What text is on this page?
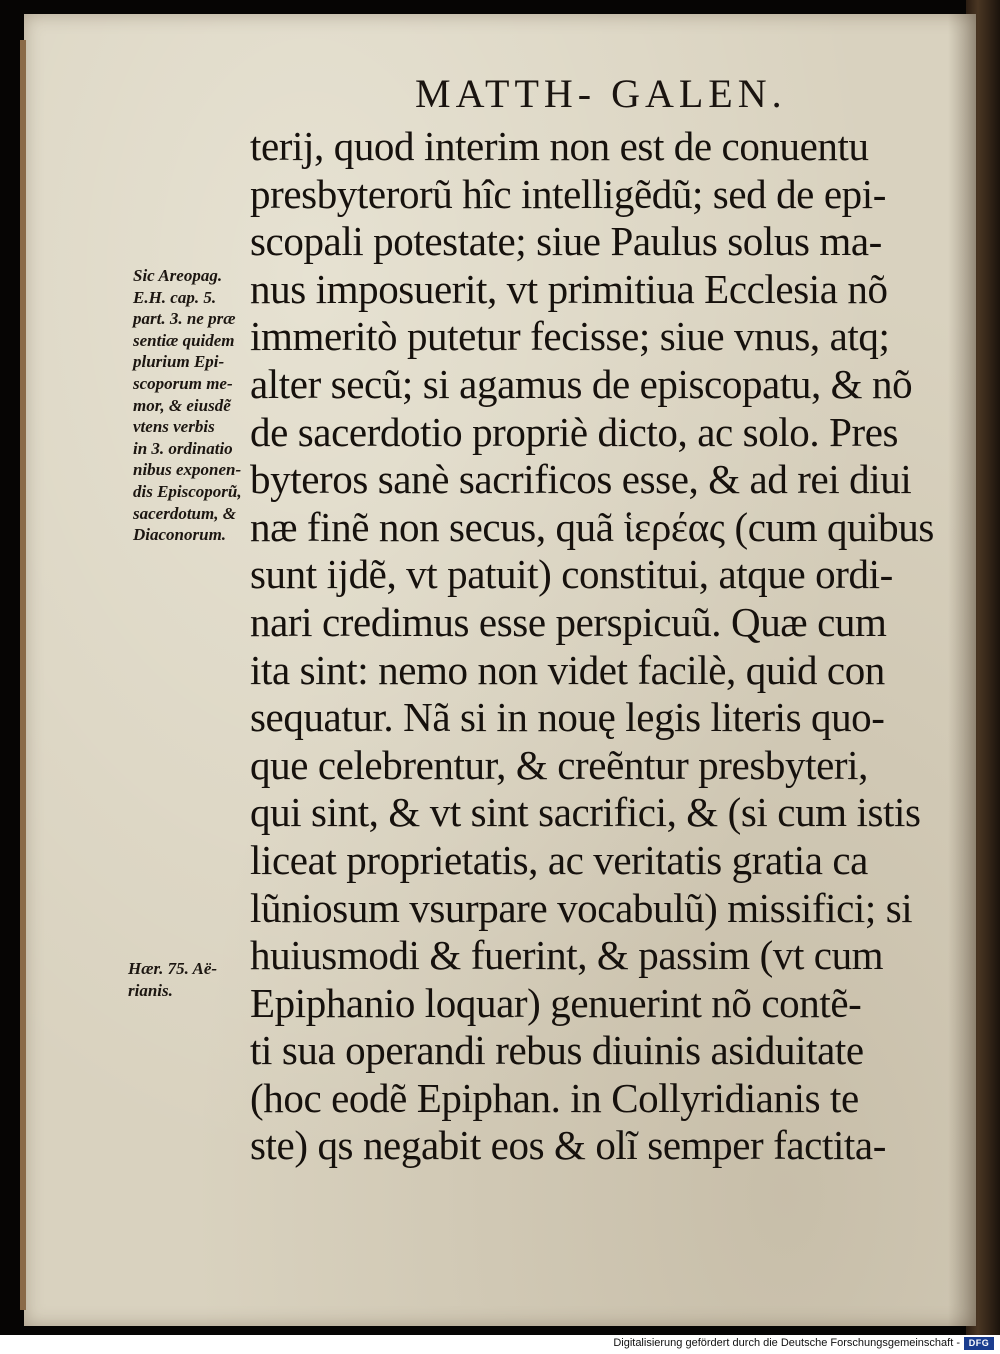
MATTH- GALEN.
terij, quod interim non est de conuentu
presbyterorũ hîc intelligẽdũ; sed de epi-
scopali potestate; siue Paulus solus ma-
nus imposuerit, vt primitiua Ecclesia nõ
immeritò putetur fecisse; siue vnus, atq;
alter secũ; si agamus de episcopatu, & nõ
de sacerdotio propriè dicto, ac solo. Pres
byteros sanè sacrificos esse, & ad rei diui
næ finẽ non secus, quã ἱερέας (cum quibus
sunt ijdẽ, vt patuit) constitui, atque ordi-
nari credimus esse perspicuũ. Quæ cum
ita sint: nemo non videt facilè, quid con
sequatur. Nã si in nouę legis literis quo-
que celebrentur, & creẽntur presbyteri,
qui sint, & vt sint sacrifici, & (si cum istis
liceat proprietatis, ac veritatis gratia ca
lũniosum vsurpare vocabulũ) missifici; si
huiusmodi & fuerint, & passim (vt cum
Epiphanio loquar) genuerint nõ contẽ-
ti sua operandi rebus diuinis asiduitate
(hoc eodẽ Epiphan. in Collyridianis te
ste) qs negabit eos & olĩ semper factita-
Sic Areopag.
E.H. cap. 5.
part. 3. ne præ
sentiæ quidem
plurium Epi-
scoporum me-
mor, & eiusdẽ
vtens verbis
in 3. ordinatio
nibus exponen-
dis Episcoporũ,
sacerdotum, &
Diaconorum.
Hær. 75. Aë-
rianis.
Digitalisierung gefördert durch die Deutsche Forschungsgemeinschaft - DFG
